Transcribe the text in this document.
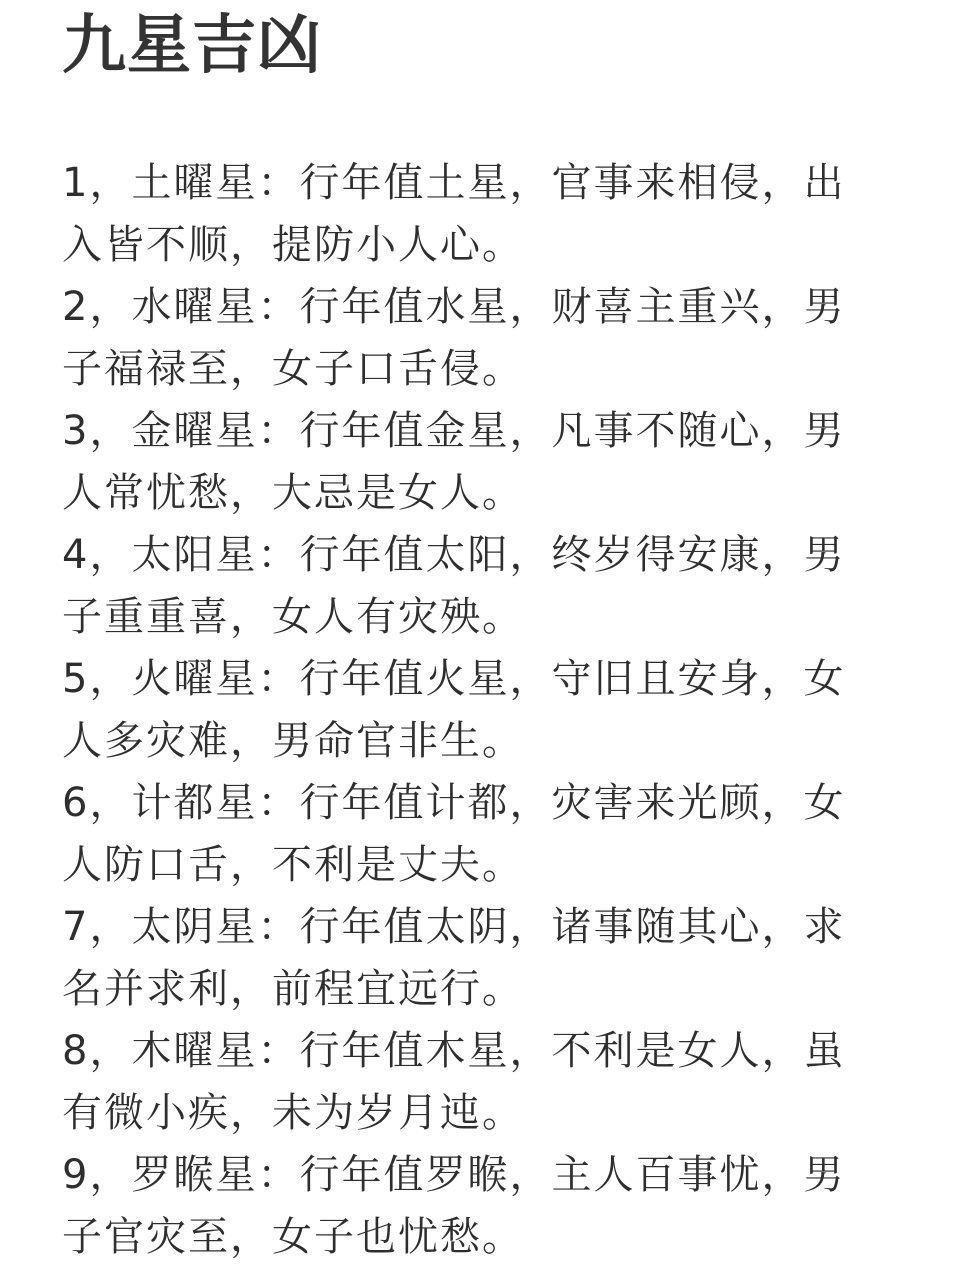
九星吉凶
1，土曜星：行年值土星，官事来相侵，出
入皆不顺，提防小人心。
2，水曜星：行年值水星，财喜主重兴，男
子福禄至，女子口舌侵。
3，金曜星：行年值金星，凡事不随心，男
人常忧愁，大忌是女人。
4，太阳星：行年值太阳，终岁得安康，男
子重重喜，女人有灾殃。
5，火曜星：行年值火星，守旧且安身，女
人多灾难，男命官非生。
6，计都星：行年值计都，灾害来光顾，女
人防口舌，不利是丈夫。
7，太阴星：行年值太阴，诸事随其心，求
名并求利，前程宜远行。
8，木曜星：行年值木星，不利是女人，虽
有微小疾，未为岁月迍。
9，罗睺星：行年值罗睺，主人百事忧，男
子官灾至，女子也忧愁。
